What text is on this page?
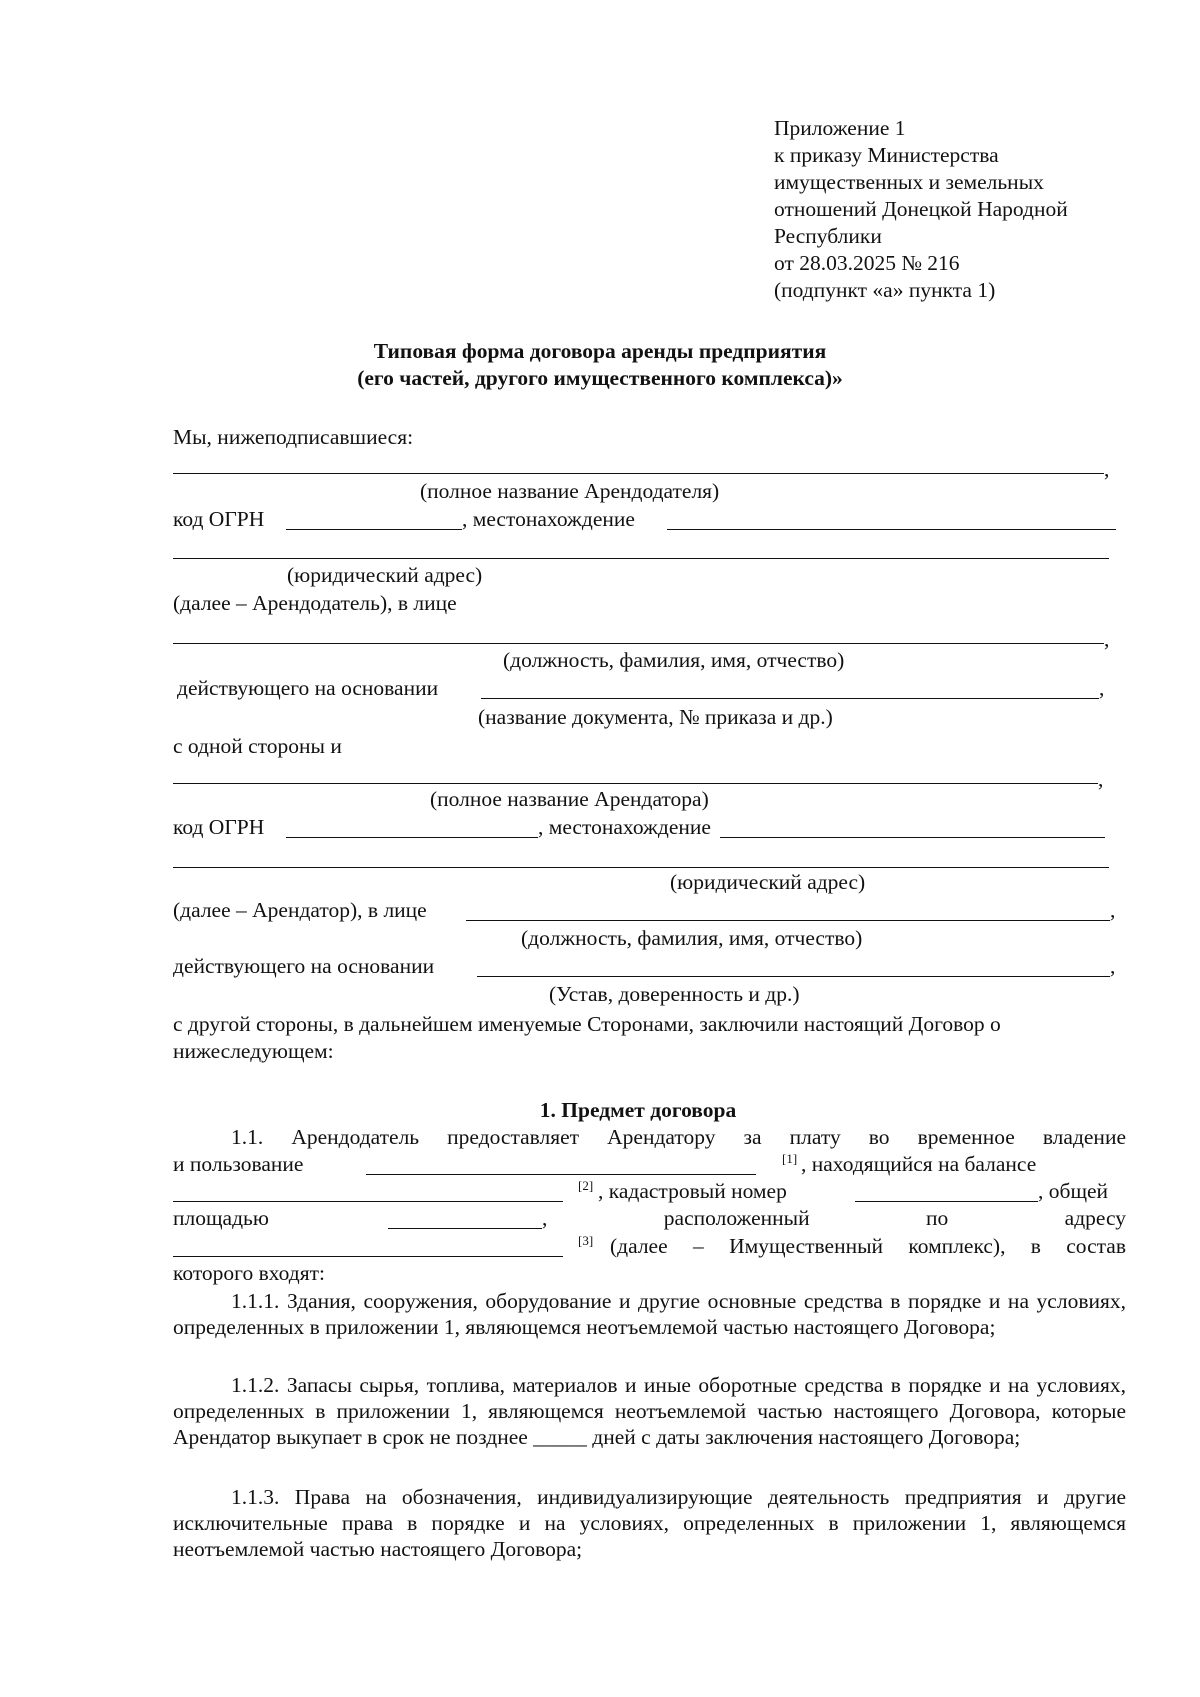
Приложение 1
к приказу Министерства
имущественных и земельных
отношений Донецкой Народной
Республики
от 28.03.2025 № 216
(подпункт «а» пункта 1)
Типовая форма договора аренды предприятия
(его частей, другого имущественного комплекса)»
Мы, нижеподписавшиеся:
,
(полное название Арендодателя)
код ОГРН	, местонахождение
(юридический адрес)
(далее – Арендодатель), в лице
,
(должность, фамилия, имя, отчество)
действующего на основании	,
(название документа, № приказа и др.)
с одной стороны и
,
(полное название Арендатора)
код ОГРН	, местонахождение
(юридический адрес)
(далее – Арендатор), в лице	,
(должность, фамилия, имя, отчество)
действующего на основании	,
(Устав, доверенность и др.)
с другой стороны, в дальнейшем именуемые Сторонами, заключили настоящий Договор о
нижеследующем:
1. Предмет договора
1.1. Арендодатель предоставляет Арендатору за плату во временное владение
и пользование	[1] , находящийся на балансе
[2] , кадастровый номер	, общей
площадью	, расположенный по адресу
[3] (далее – Имущественный комплекс), в состав
которого входят:
1.1.1. Здания, сооружения, оборудование и другие основные средства в порядке и на условиях, определенных в приложении 1, являющемся неотъемлемой частью настоящего Договора;
1.1.2. Запасы сырья, топлива, материалов и иные оборотные средства в порядке и на условиях, определенных в приложении 1, являющемся неотъемлемой частью настоящего Договора, которые Арендатор выкупает в срок не позднее _____ дней с даты заключения настоящего Договора;
1.1.3. Права на обозначения, индивидуализирующие деятельность предприятия и другие исключительные права в порядке и на условиях, определенных в приложении 1, являющемся неотъемлемой частью настоящего Договора;
